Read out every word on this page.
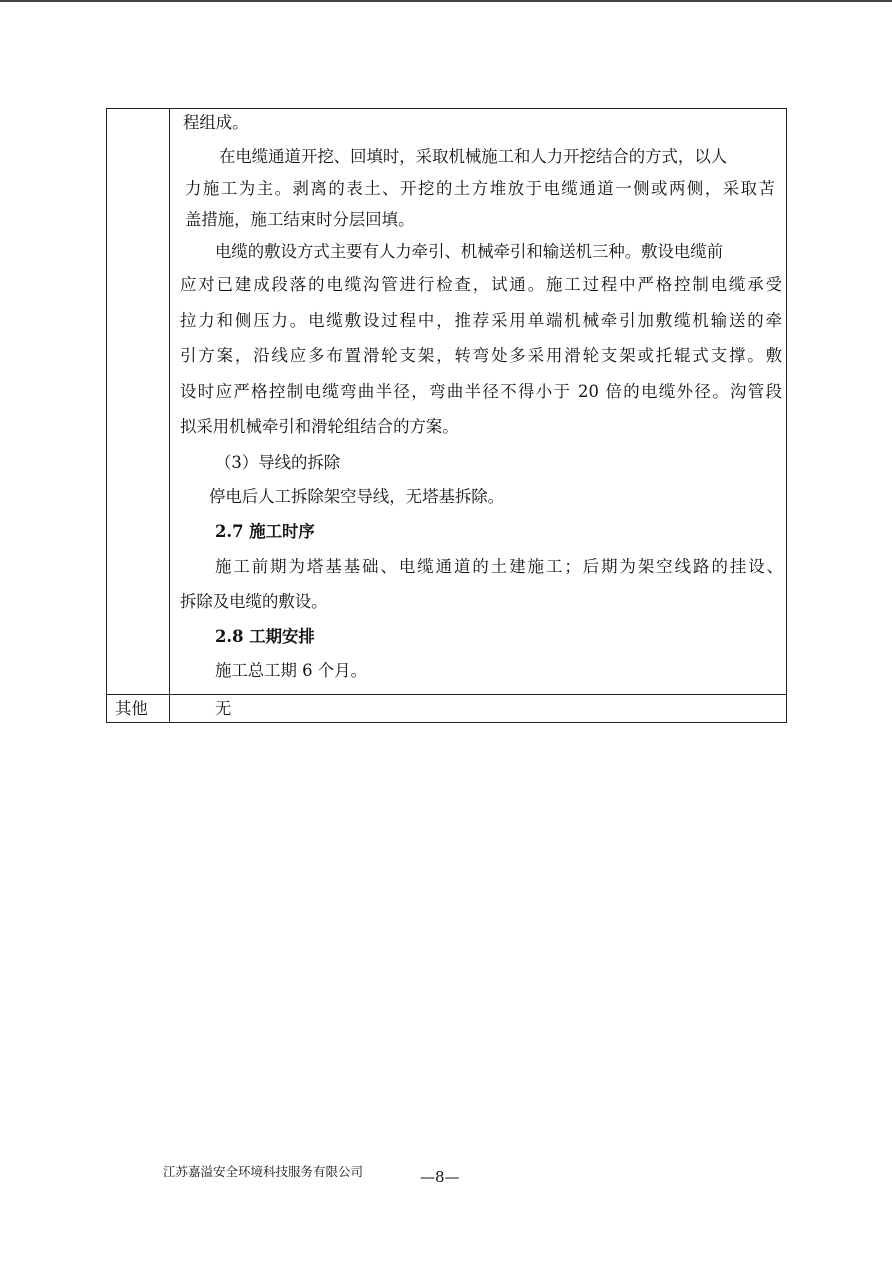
程组成。
在电缆通道开挖、回填时，采取机械施工和人力开挖结合的方式，以人
力施工为主。剥离的表土、开挖的土方堆放于电缆通道一侧或两侧，采取苫
盖措施，施工结束时分层回填。
电缆的敷设方式主要有人力牵引、机械牵引和输送机三种。敷设电缆前
应对已建成段落的电缆沟管进行检查，试通。施工过程中严格控制电缆承受
拉力和侧压力。电缆敷设过程中，推荐采用单端机械牵引加敷缆机输送的牵
引方案，沿线应多布置滑轮支架，转弯处多采用滑轮支架或托辊式支撑。敷
设时应严格控制电缆弯曲半径，弯曲半径不得小于 20 倍的电缆外径。沟管段
拟采用机械牵引和滑轮组结合的方案。
（3）导线的拆除
停电后人工拆除架空导线，无塔基拆除。
2.7 施工时序
施工前期为塔基基础、电缆通道的土建施工；后期为架空线路的挂设、
拆除及电缆的敷设。
2.8 工期安排
施工总工期 6 个月。
其他	无
江苏嘉溢安全环境科技服务有限公司	—8—
